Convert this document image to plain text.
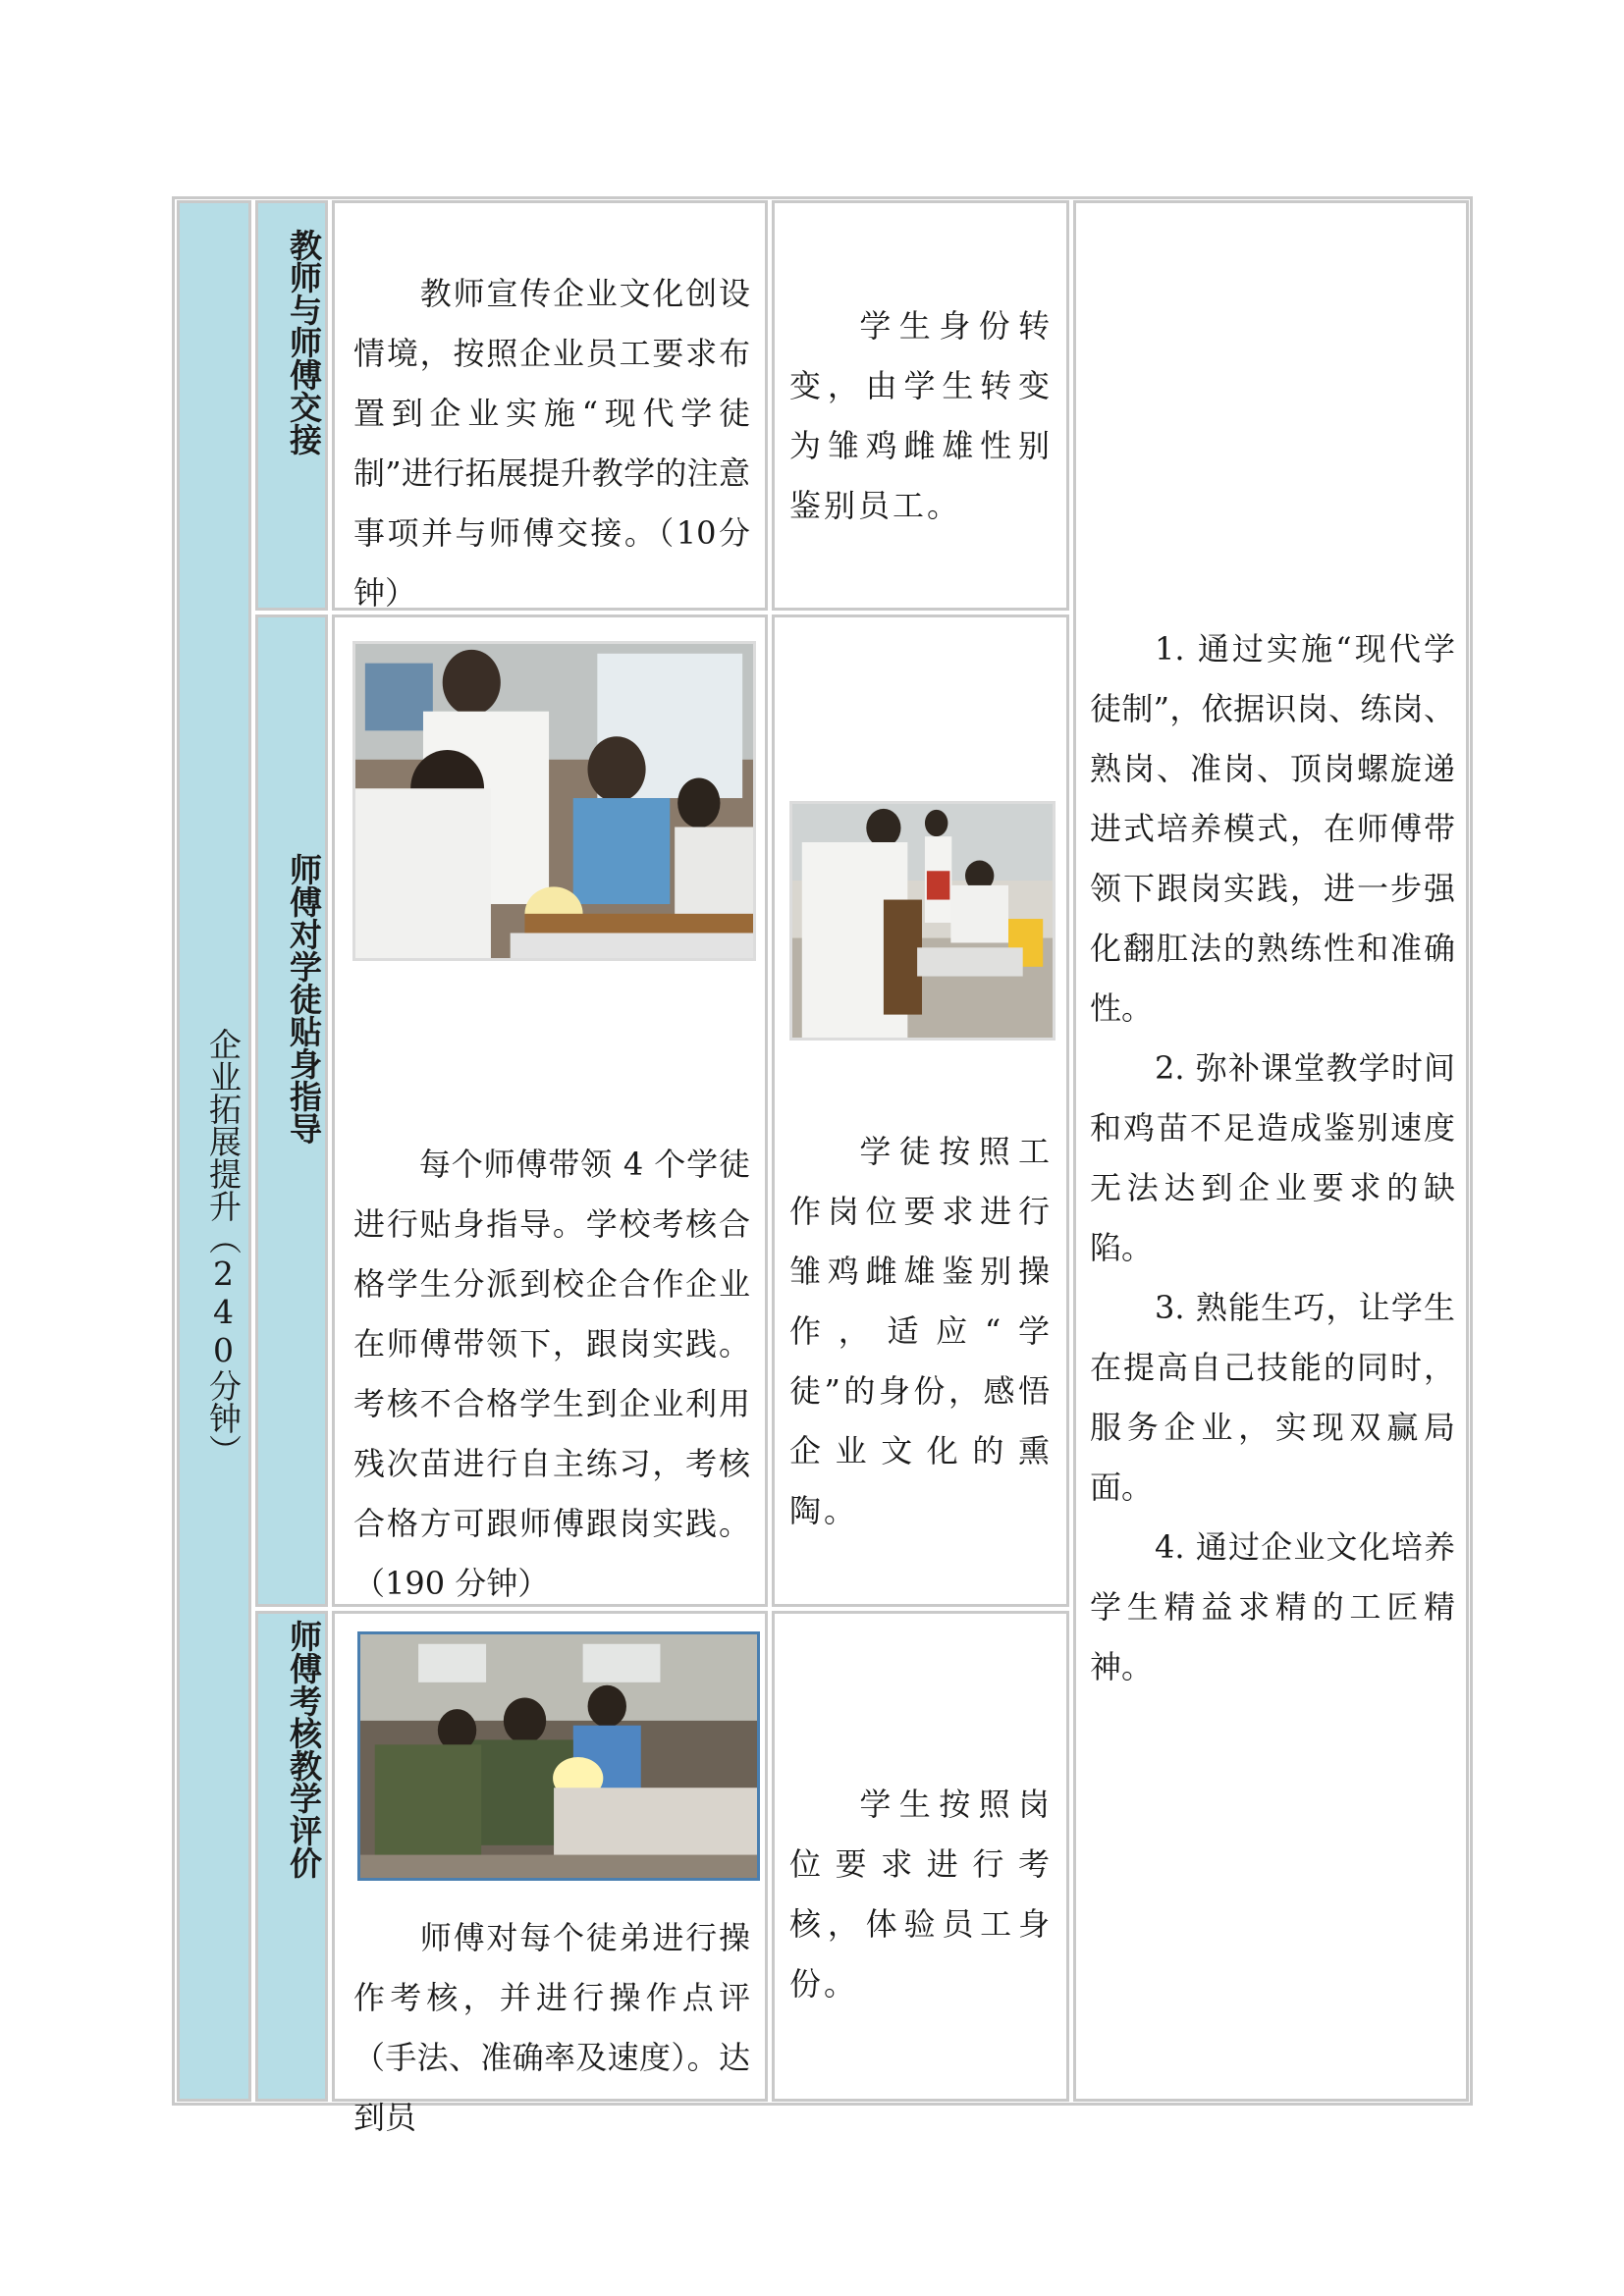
企业拓展提升（240分钟）
教师与师傅交接	教师宣传企业文化创设情境，按照企业员工要求布置到企业实施“现代学徒制”进行拓展提升教学的注意事项并与师傅交接。（10分钟）

学生身份转变，由学生转变为雏鸡雌雄性别鉴别员工。

1. 通过实施“现代学徒制”，依据识岗、练岗、熟岗、准岗、顶岗螺旋递进式培养模式，在师傅带领下跟岗实践，进一步强化翻肛法的熟练性和准确性。

2. 弥补课堂教学时间和鸡苗不足造成鉴别速度无法达到企业要求的缺陷。

3. 熟能生巧，让学生在提高自己技能的同时，服务企业，实现双赢局面。

4. 通过企业文化培养学生精益求精的工匠精神。

师傅对学徒贴身指导

每个师傅带领 4 个学徒进行贴身指导。学校考核合格学生分派到校企合作企业在师傅带领下，跟岗实践。考核不合格学生到企业利用残次苗进行自主练习，考核合格方可跟师傅跟岗实践。（190 分钟）

学徒按照工作岗位要求进行雏鸡雌雄鉴别操作，适应“学徒”的身份，感悟企业文化的熏陶。

师傅考核教学评价

师傅对每个徒弟进行操作考核，并进行操作点评（手法、准确率及速度）。达到员

学生按照岗位要求进行考核，体验员工身份。
